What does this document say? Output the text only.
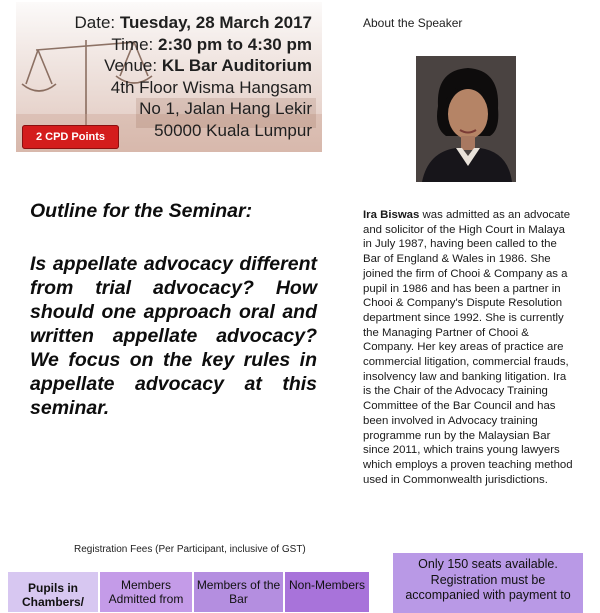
Date: Tuesday, 28 March 2017
Time: 2:30 pm to 4:30 pm
Venue: KL Bar Auditorium
4th Floor Wisma Hangsam
No 1, Jalan Hang Lekir
50000 Kuala Lumpur
2 CPD Points
About the Speaker
Ira Biswas was admitted as an advocate and solicitor of the High Court in Malaya in July 1987, having been called to the Bar of England & Wales in 1986. She joined the firm of Chooi & Company as a pupil in 1986 and has been a partner in Chooi & Company's Dispute Resolution department since 1992. She is currently the Managing Partner of Chooi & Company. Her key areas of practice are commercial litigation, commercial frauds, insolvency law and banking litigation. Ira is the Chair of the Advocacy Training Committee of the Bar Council and has been involved in Advocacy training programme run by the Malaysian Bar since 2011, which trains young lawyers which employs a proven teaching method used in Commonwealth jurisdictions.
Outline for the Seminar:
Is appellate advocacy different from trial advocacy? How should one approach oral and written appellate advocacy? We focus on the key rules in appellate advocacy at this seminar.
Registration Fees (Per Participant, inclusive of GST)
Pupils in Chambers/
Members Admitted from
Members of the Bar
Non-Members
Only 150 seats available. Registration must be accompanied with payment to
